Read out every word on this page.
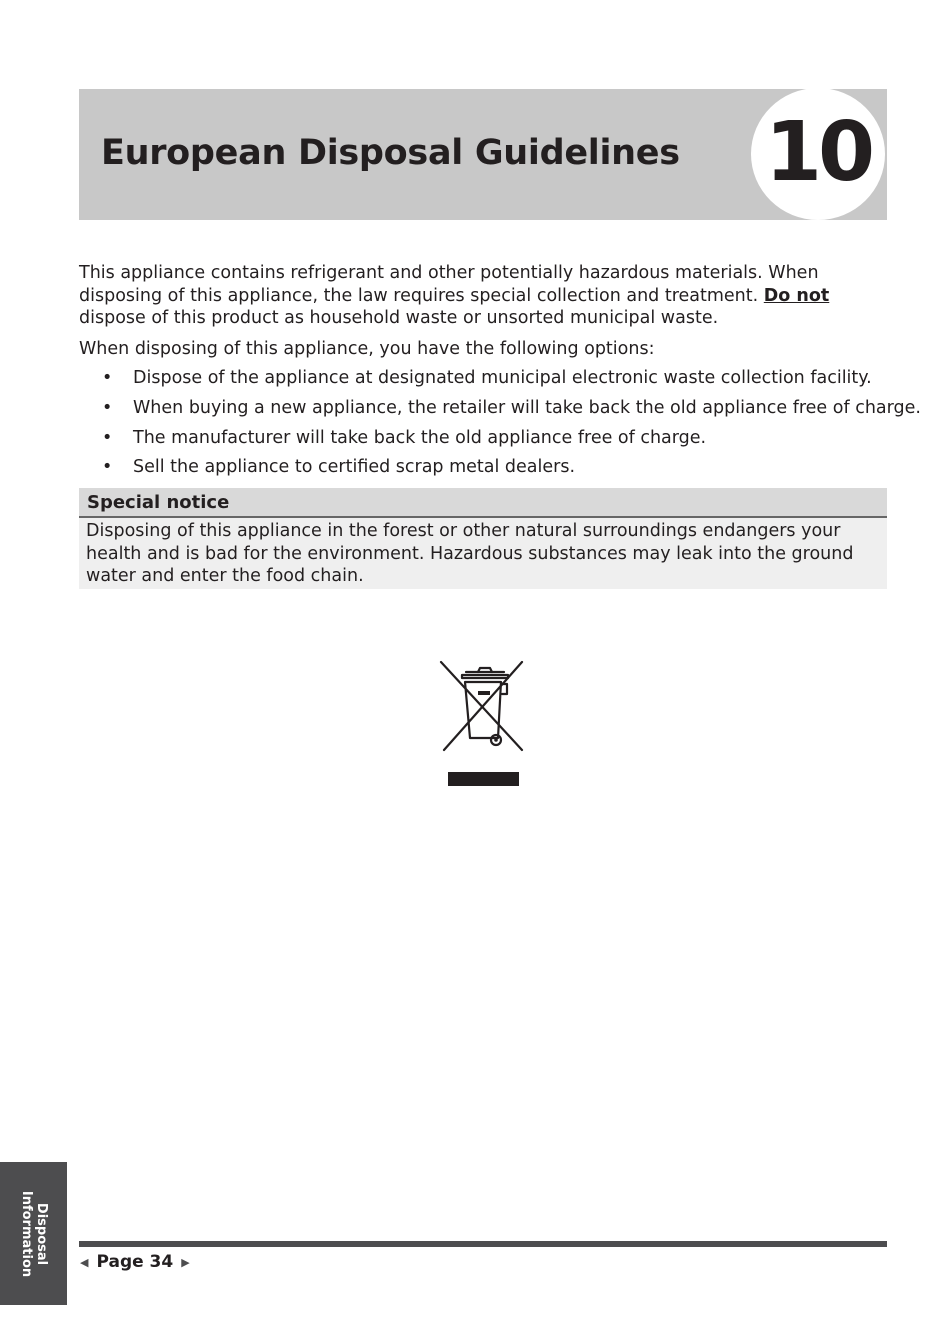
European Disposal Guidelines 10

This appliance contains refrigerant and other potentially hazardous materials. When disposing of this appliance, the law requires special collection and treatment. Do not dispose of this product as household waste or unsorted municipal waste.

When disposing of this appliance, you have the following options:

• Dispose of the appliance at designated municipal electronic waste collection facility.
• When buying a new appliance, the retailer will take back the old appliance free of charge.
• The manufacturer will take back the old appliance free of charge.
• Sell the appliance to certified scrap metal dealers.
Special notice
Disposing of this appliance in the forest or other natural surroundings endangers your health and is bad for the environment. Hazardous substances may leak into the ground water and enter the food chain.
Disposal
Information	◀ Page 34 ▶
